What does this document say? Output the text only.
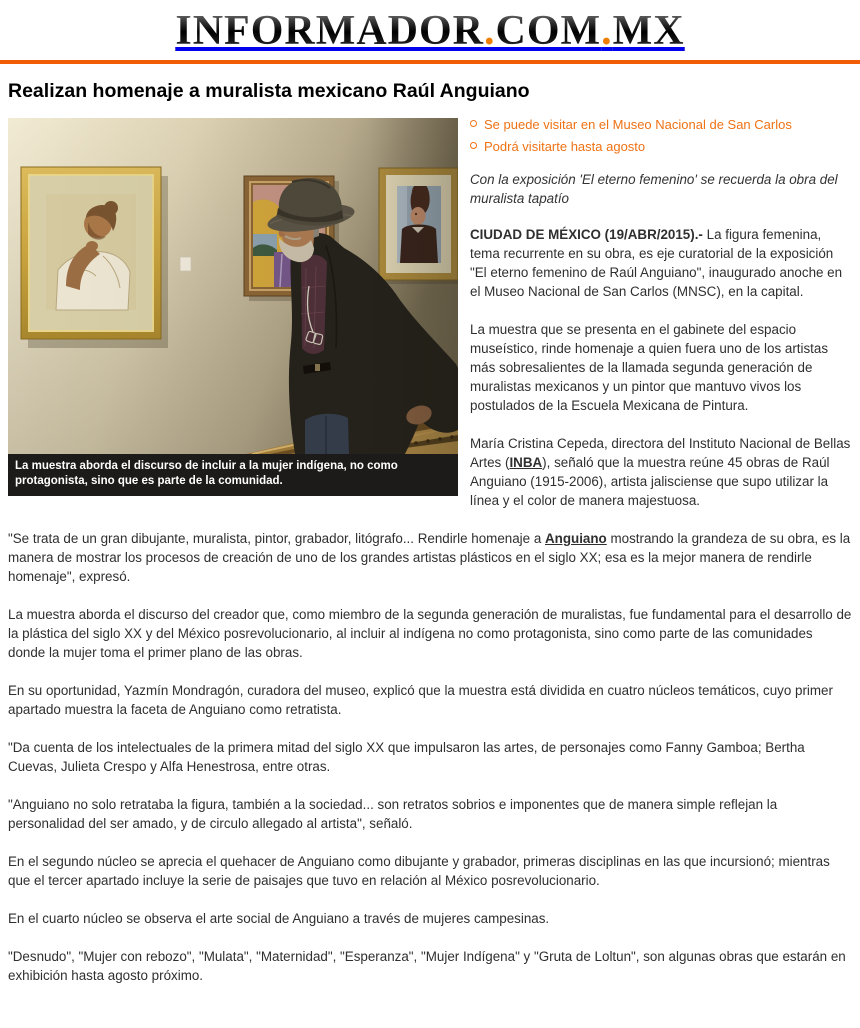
INFORMADOR.COM.MX
Realizan homenaje a muralista mexicano Raúl Anguiano
La muestra aborda el discurso de incluir a la mujer indígena, no como protagonista, sino que es parte de la comunidad.
Se puede visitar en el Museo Nacional de San Carlos
Podrá visitarte hasta agosto

Con la exposición 'El eterno femenino' se recuerda la obra del muralista tapatío

CIUDAD DE MÉXICO (19/ABR/2015).- La figura femenina, tema recurrente en su obra, es eje curatorial de la exposición "El eterno femenino de Raúl Anguiano", inaugurado anoche en el Museo Nacional de San Carlos (MNSC), en la capital.

La muestra que se presenta en el gabinete del espacio museístico, rinde homenaje a quien fuera uno de los artistas más sobresalientes de la llamada segunda generación de muralistas mexicanos y un pintor que mantuvo vivos los postulados de la Escuela Mexicana de Pintura.

María Cristina Cepeda, directora del Instituto Nacional de Bellas Artes (INBA), señaló que la muestra reúne 45 obras de Raúl Anguiano (1915-2006), artista jalisciense que supo utilizar la línea y el color de manera majestuosa.

"Se trata de un gran dibujante, muralista, pintor, grabador, litógrafo... Rendirle homenaje a Anguiano mostrando la grandeza de su obra, es la manera de mostrar los procesos de creación de uno de los grandes artistas plásticos en el siglo XX; esa es la mejor manera de rendirle homenaje", expresó.

La muestra aborda el discurso del creador que, como miembro de la segunda generación de muralistas, fue fundamental para el desarrollo de la plástica del siglo XX y del México posrevolucionario, al incluir al indígena no como protagonista, sino como parte de las comunidades donde la mujer toma el primer plano de las obras.

En su oportunidad, Yazmín Mondragón, curadora del museo, explicó que la muestra está dividida en cuatro núcleos temáticos, cuyo primer apartado muestra la faceta de Anguiano como retratista.

"Da cuenta de los intelectuales de la primera mitad del siglo XX que impulsaron las artes, de personajes como Fanny Gamboa; Bertha Cuevas, Julieta Crespo y Alfa Henestrosa, entre otras.

"Anguiano no solo retrataba la figura, también a la sociedad... son retratos sobrios e imponentes que de manera simple reflejan la personalidad del ser amado, y de circulo allegado al artista", señaló.

En el segundo núcleo se aprecia el quehacer de Anguiano como dibujante y grabador, primeras disciplinas en las que incursionó; mientras que el tercer apartado incluye la serie de paisajes que tuvo en relación al México posrevolucionario.

En el cuarto núcleo se observa el arte social de Anguiano a través de mujeres campesinas.

"Desnudo", "Mujer con rebozo", "Mulata", "Maternidad", "Esperanza", "Mujer Indígena" y "Gruta de Loltun", son algunas obras que estarán en exhibición hasta agosto próximo.
